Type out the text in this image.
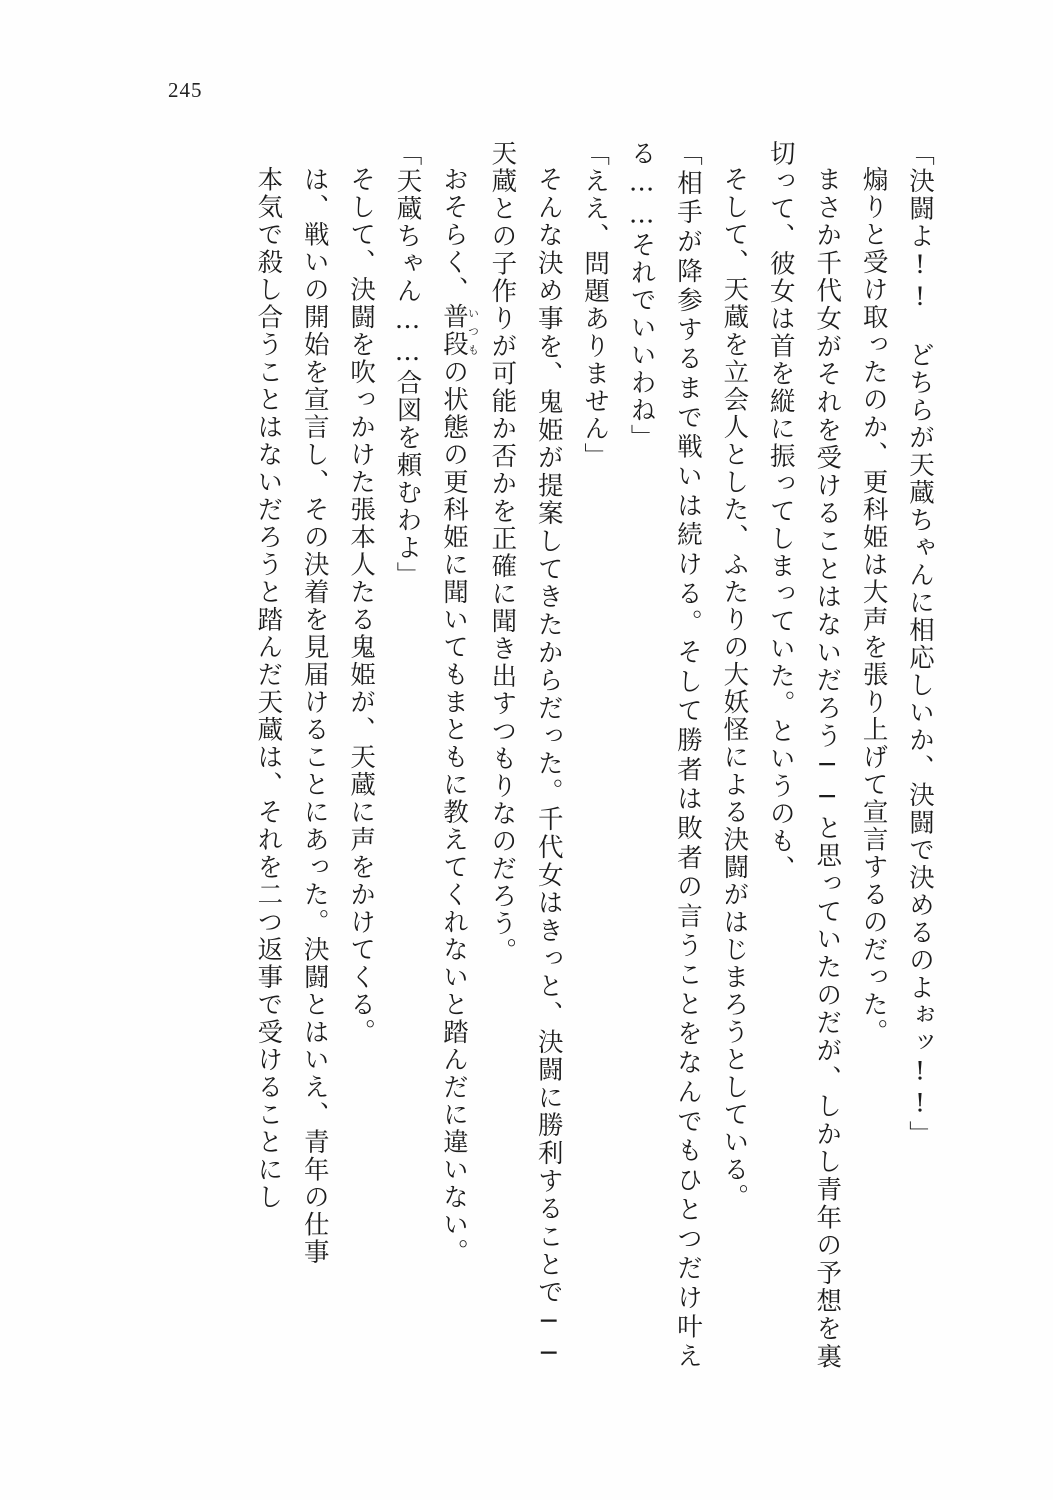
245

「決闘よ!!　どちらが天蔵ちゃんに相応しいか、決闘で決めるのよぉッ!!」

煽りと受け取ったのか、更科姫は大声を張り上げて宣言するのだった。

まさか千代女がそれを受けることはないだろう──と思っていたのだが、しかし青年の予想を裏切って、彼女は首を縦に振ってしまっていた。というのも、

そして、天蔵を立会人とした、ふたりの大妖怪による決闘がはじまろうとしている。

「相手が降参するまで戦いは続ける。そして勝者は敗者の言うことをなんでもひとつだけ叶える……それでいいわね」

「ええ、問題ありません」

そんな決め事を、鬼姫が提案してきたからだった。千代女はきっと、決闘に勝利することで──天蔵との子作りが可能か否かを正確に聞き出すつもりなのだろう。

おそらく、普段いつもの状態の更科姫に聞いてもまともに教えてくれないと踏んだに違いない。

「天蔵ちゃん……合図を頼むわよ」

そして、決闘を吹っかけた張本人たる鬼姫が、天蔵に声をかけてくる。

は、戦いの開始を宣言し、その決着を見届けることにあった。決闘とはいえ、青年の仕事

本気で殺し合うことはないだろうと踏んだ天蔵は、それを二つ返事で受けることにし
